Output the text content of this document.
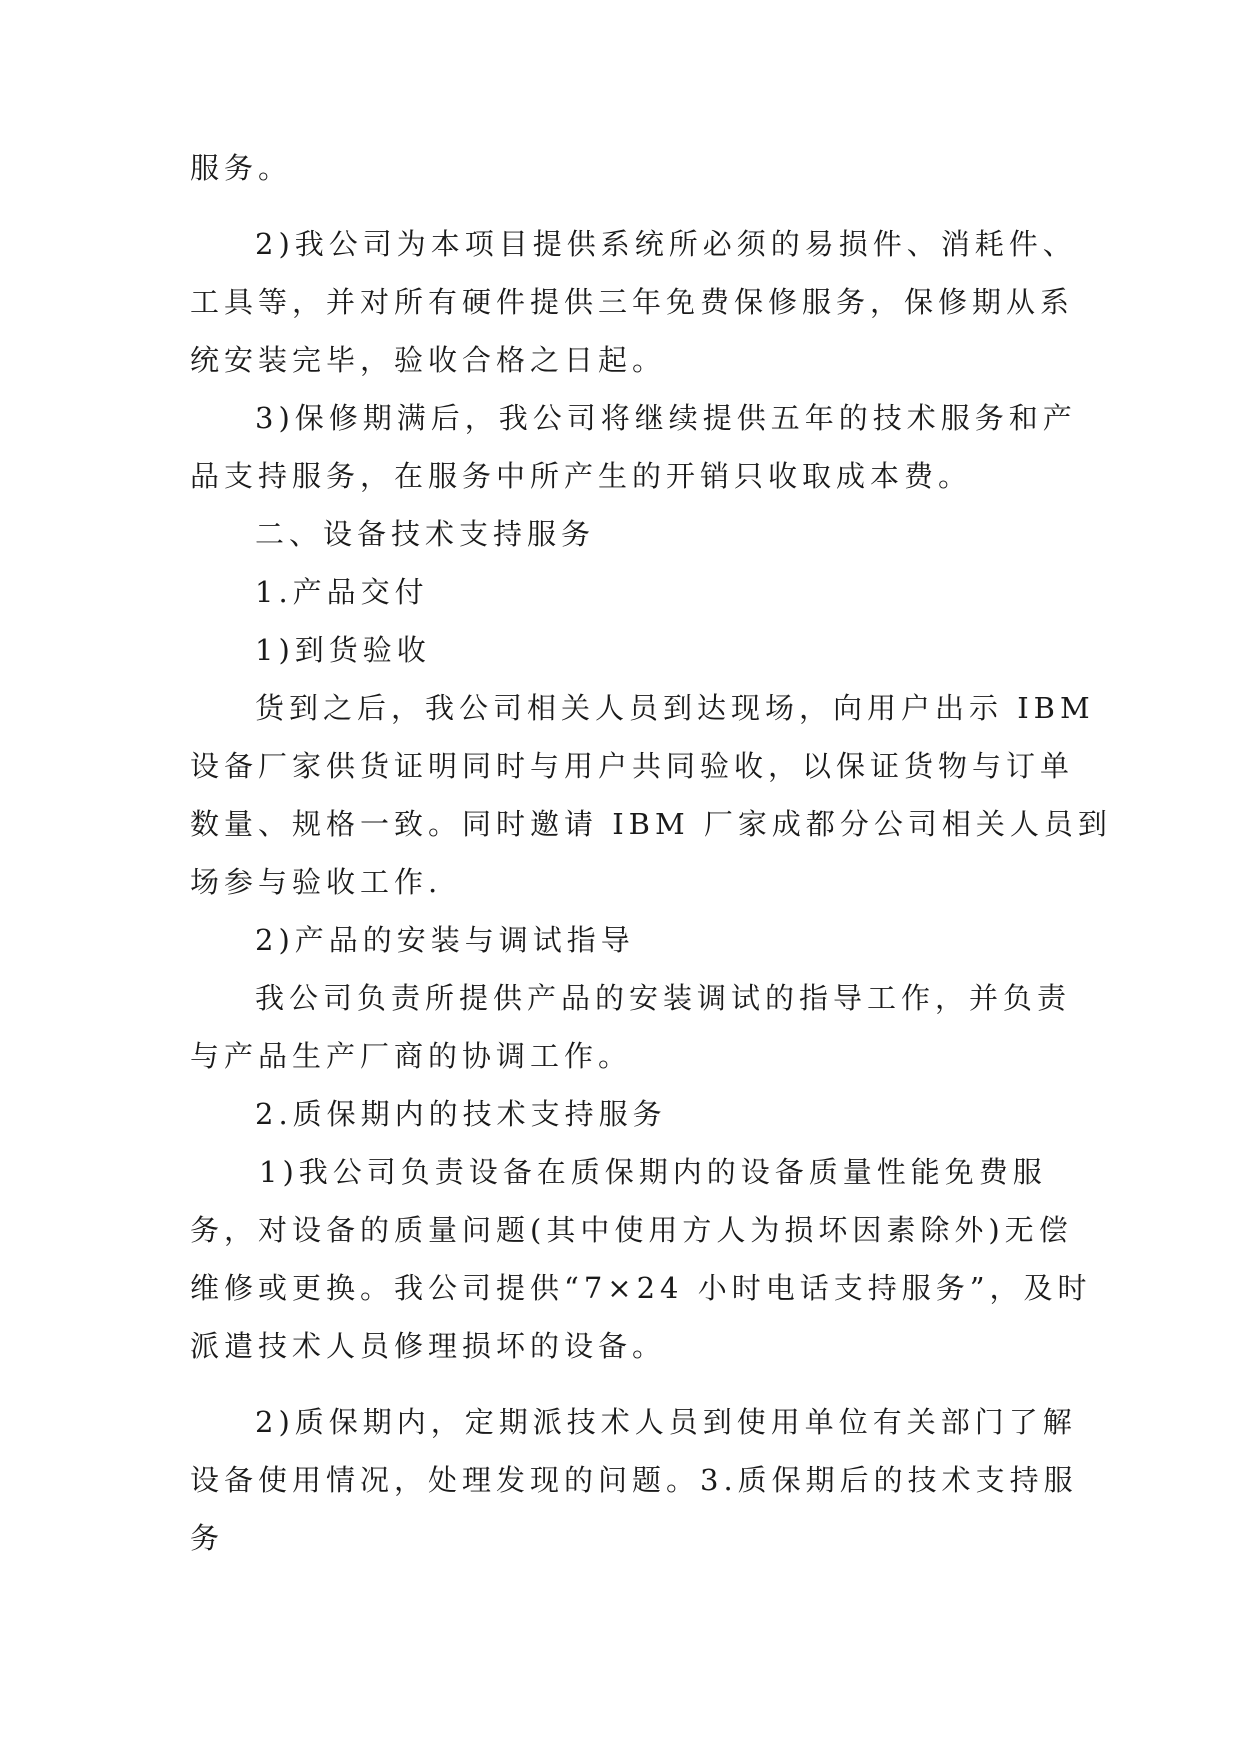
服务。
2)我公司为本项目提供系统所必须的易损件、消耗件、
工具等，并对所有硬件提供三年免费保修服务，保修期从系
统安装完毕，验收合格之日起。
3)保修期满后，我公司将继续提供五年的技术服务和产
品支持服务，在服务中所产生的开销只收取成本费。
二、设备技术支持服务
1.产品交付
1)到货验收
货到之后，我公司相关人员到达现场，向用户出示 IBM
设备厂家供货证明同时与用户共同验收，以保证货物与订单
数量、规格一致。同时邀请 IBM 厂家成都分公司相关人员到
场参与验收工作.
2)产品的安装与调试指导
我公司负责所提供产品的安装调试的指导工作，并负责
与产品生产厂商的协调工作。
2.质保期内的技术支持服务
1)我公司负责设备在质保期内的设备质量性能免费服
务，对设备的质量问题(其中使用方人为损坏因素除外)无偿
维修或更换。我公司提供“7×24 小时电话支持服务”，及时
派遣技术人员修理损坏的设备。
2)质保期内，定期派技术人员到使用单位有关部门了解
设备使用情况，处理发现的问题。3.质保期后的技术支持服
务
